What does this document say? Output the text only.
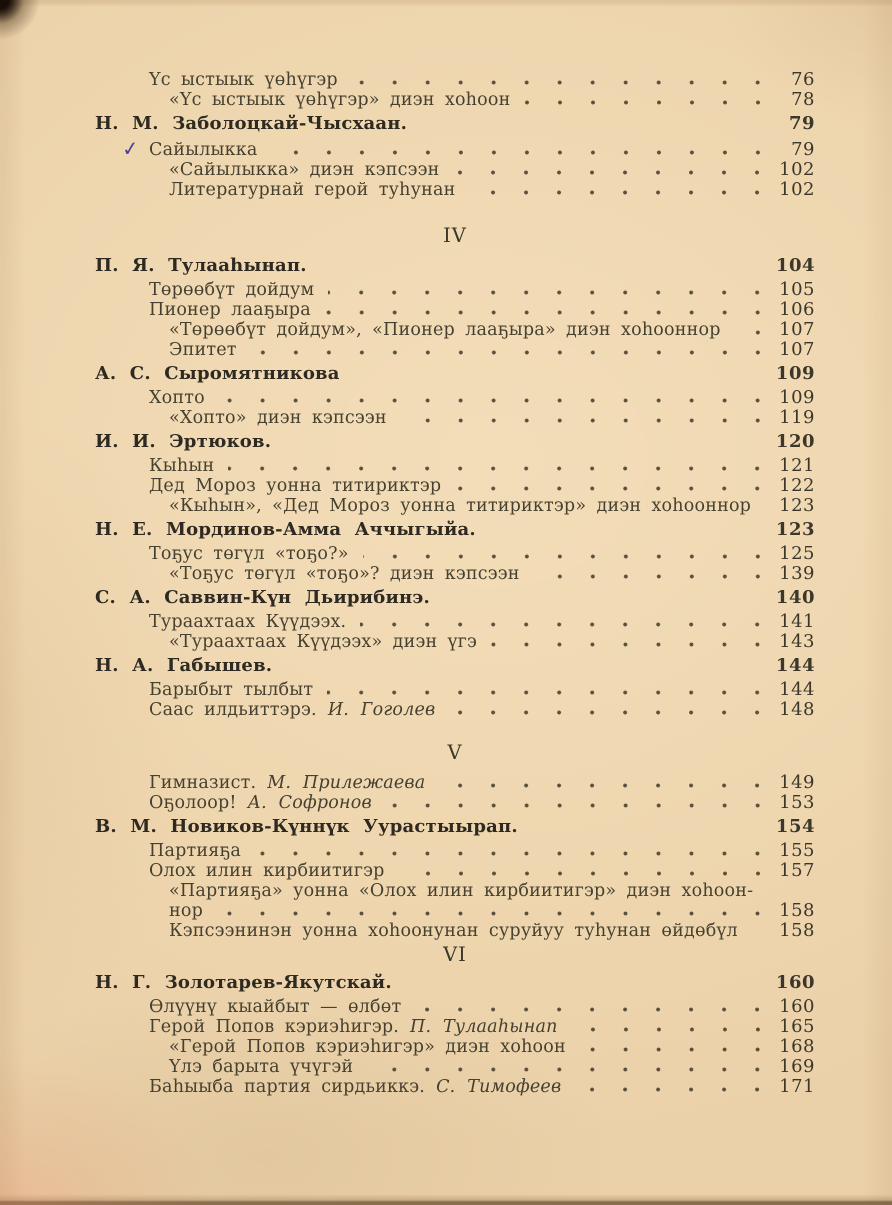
Үс ыстыык үөһүгэр	76
«Үс ыстыык үөһүгэр» диэн хоһоон	78
Н. М. Заболоцкай-Чысхаан.	79
✓ Сайылыкка	79
«Сайылыкка» диэн кэпсээн	102
Литературнай герой туһунан	102
IV
П. Я. Тулааһынап.	104
Төрөөбүт дойдум	105
Пионер лааҕыра	106
«Төрөөбүт дойдум», «Пионер лааҕыра» диэн хоһооннор	107
Эпитет	107
А. С. Сыромятникова	109
Хопто	109
«Хопто» диэн кэпсээн	119
И. И. Эртюков.	120
Кыһын	121
Дед Мороз уонна титириктэр	122
«Кыһын», «Дед Мороз уонна титириктэр» диэн хоһооннор 123
Н. Е. Мординов-Амма Аччыгыйа.	123
Тоҕус төгүл «тоҕо?»	125
«Тоҕус төгүл «тоҕо»? диэн кэпсээн	139
С. А. Саввин-Күн Дьирибинэ.	140
Тураахтаах Күүдээх.	141
«Тураахтаах Күүдээх» диэн үгэ	143
Н. А. Габышев.	144
Барыбыт тылбыт	144
Саас илдьиттэрэ. И. Гоголев	148
V
Гимназист. М. Прилежаева	149
Оҕолоор! А. Софронов	153
В. М. Новиков-Күннүк Уурастыырап.	154
Партияҕа	155
Олох илин кирбиитигэр	157
«Партияҕа» уонна «Олох илин кирбиитигэр» диэн хоһоон-
нор	158
Кэпсээнинэн уонна хоһоонунан суруйуу туһунан өйдөбүл 158
VI
Н. Г. Золотарев-Якутскай.	160
Өлүүнү кыайбыт — өлбөт	160
Герой Попов кэриэһигэр. П. Тулааһынап	165
«Герой Попов кэриэһигэр» диэн хоһоон	168
Үлэ барыта үчүгэй	169
Баһыыба партия сирдьиккэ. С. Тимофеев	171
